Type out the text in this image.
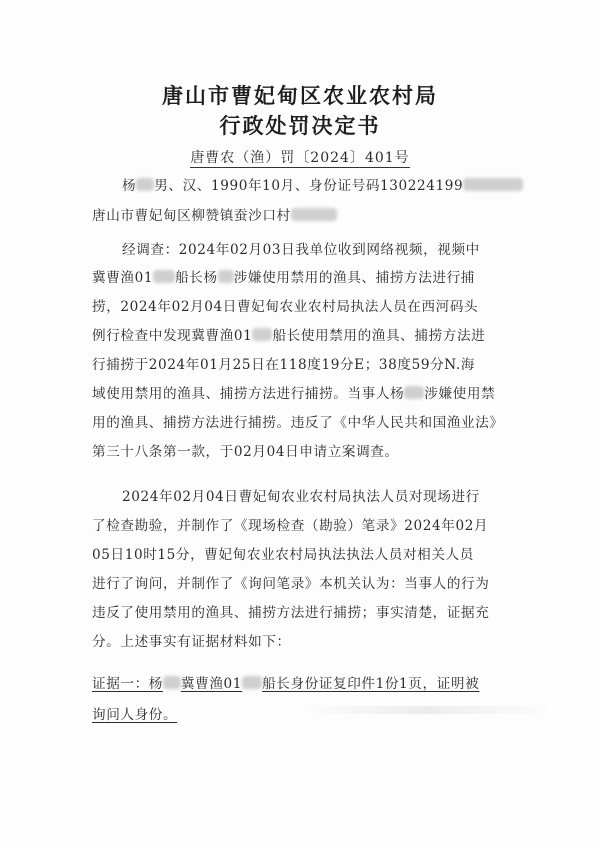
唐山市曹妃甸区农业农村局
行政处罚决定书
唐曹农（渔）罚〔2024〕401号
杨 男、汉、1990年10月、身份证号码130224199
唐山市曹妃甸区柳赞镇蚕沙口村
经调查：2024年02月03日我单位收到网络视频，视频中
冀曹渔01 船长杨 涉嫌使用禁用的渔具、捕捞方法进行捕
捞，2024年02月04日曹妃甸农业农村局执法人员在西河码头
例行检查中发现冀曹渔01 船长使用禁用的渔具、捕捞方法进
行捕捞于2024年01月25日在118度19分E；38度59分N.海
域使用禁用的渔具、捕捞方法进行捕捞。当事人杨 涉嫌使用禁
用的渔具、捕捞方法进行捕捞。违反了《中华人民共和国渔业法》
第三十八条第一款，于02月04日申请立案调查。
2024年02月04日曹妃甸农业农村局执法人员对现场进行
了检查勘验，并制作了《现场检查（勘验）笔录》2024年02月
05日10时15分，曹妃甸农业农村局执法执法人员对相关人员
进行了询问，并制作了《询问笔录》本机关认为：当事人的行为
违反了使用禁用的渔具、捕捞方法进行捕捞；事实清楚，证据充
分。上述事实有证据材料如下：
证据一：杨 冀曹渔01 船长身份证复印件1份1页，证明被
询问人身份。
